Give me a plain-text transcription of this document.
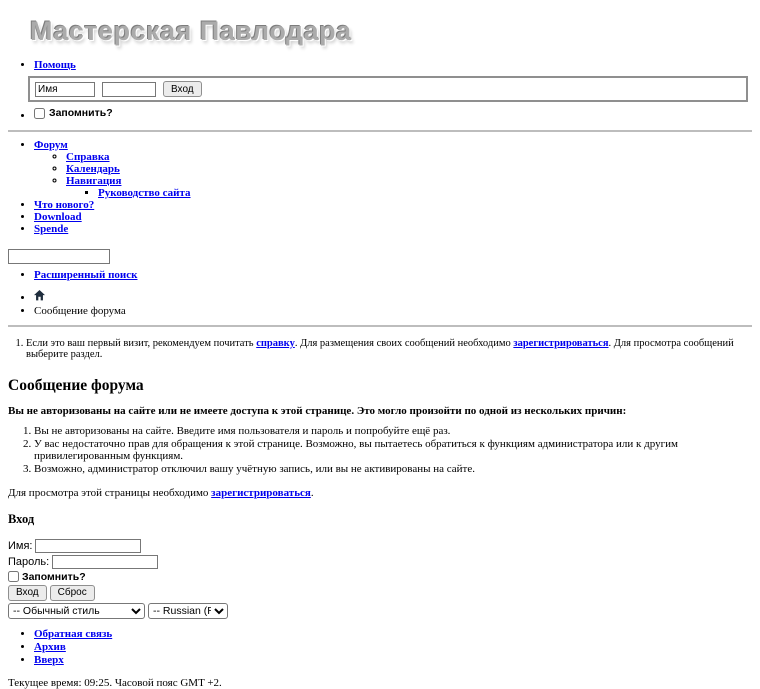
Мастерская Павлодара
• Помощь
Имя
Вход
• Запомнить?
• Форум
◦ Справка
◦ Календарь
◦ Навигация
▪ Руководство сайта
• Что нового?
• Download
• Spende
• Расширенный поиск
•
• Сообщение форума
1. Если это ваш первый визит, рекомендуем почитать справку. Для размещения своих сообщений необходимо зарегистрироваться. Для просмотра сообщений выберите раздел.
Сообщение форума

Вы не авторизованы на сайте или не имеете доступа к этой странице. Это могло произойти по одной из нескольких причин:

1. Вы не авторизованы на сайте. Введите имя пользователя и пароль и попробуйте ещё раз.
2. У вас недостаточно прав для обращения к этой странице. Возможно, вы пытаетесь обратиться к функциям администратора или к другим привилегированным функциям.
3. Возможно, администратор отключил вашу учётную запись, или вы не активированы на сайте.

Для просмотра этой страницы необходимо зарегистрироваться.

Вход
Имя:
Пароль:
Запомнить?
Вход	Сброс
-- Обычный стиль
-- Russian (RU)
• Обратная связь
• Архив
• Вверх

Текущее время: 09:25. Часовой пояс GMT +2.
